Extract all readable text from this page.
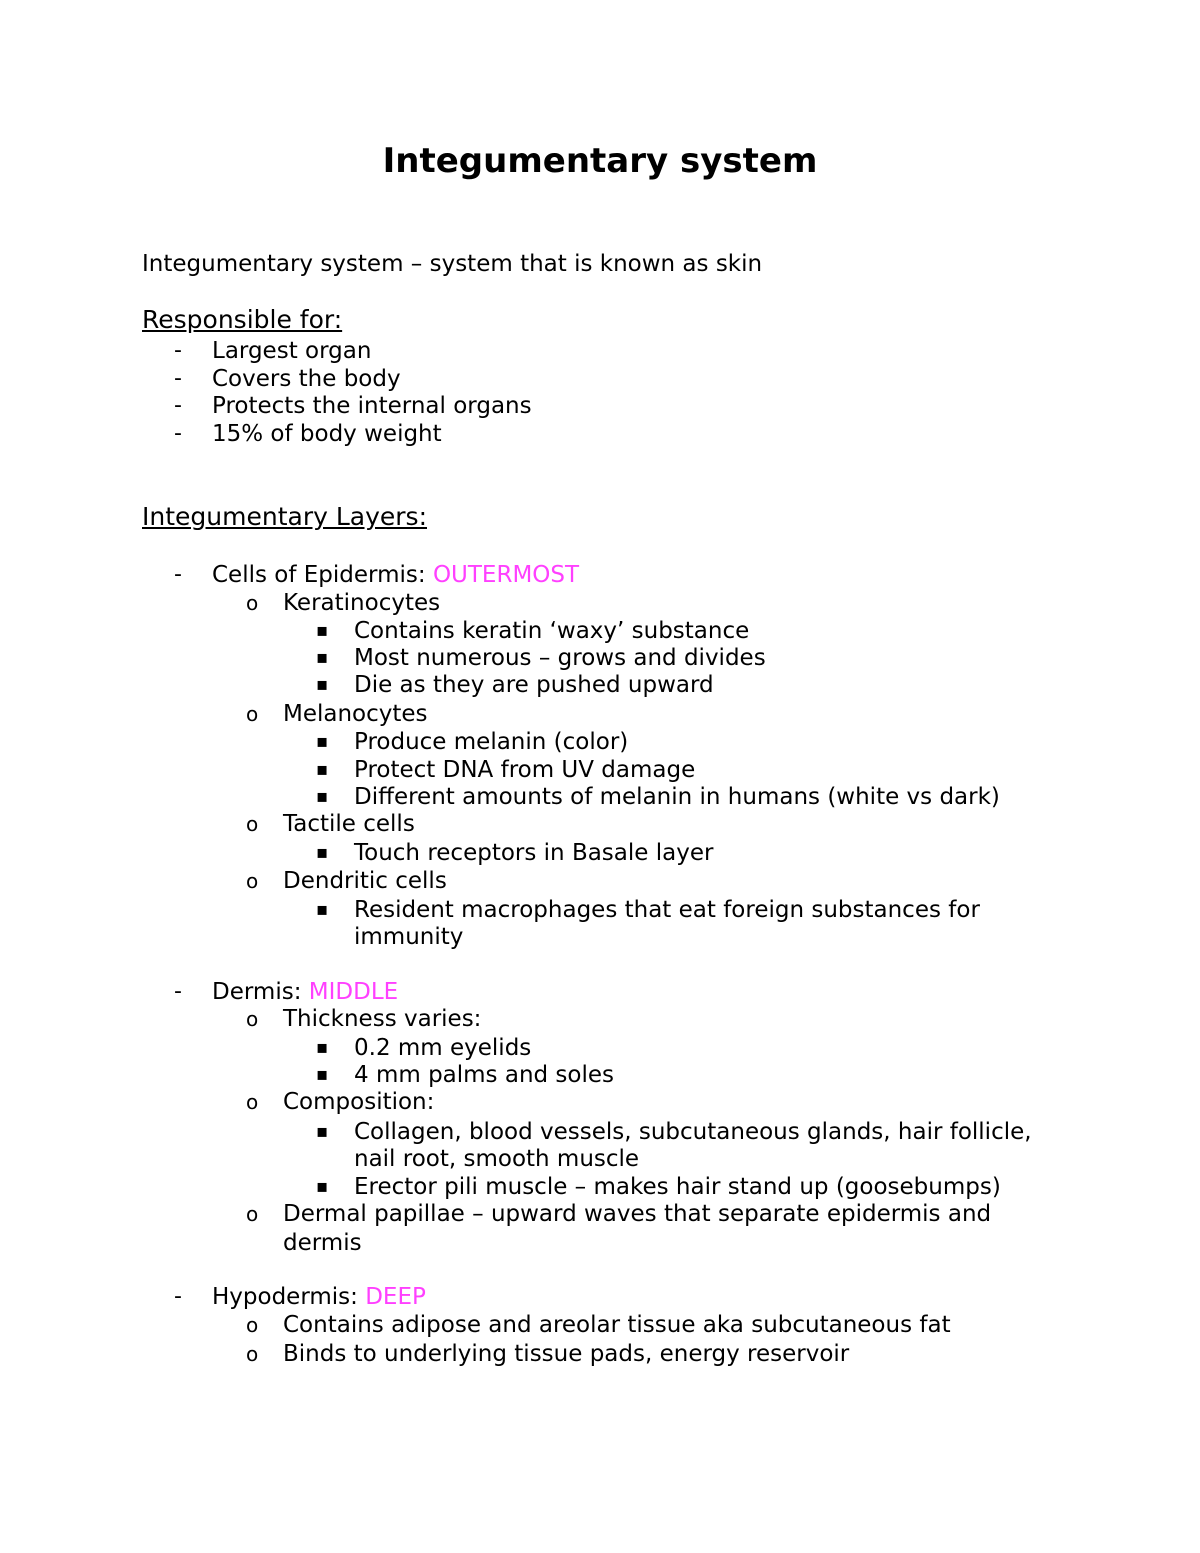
Integumentary system
Integumentary system – system that is known as skin
Responsible for:
- Largest organ
- Covers the body
- Protects the internal organs
- 15% of body weight
Integumentary Layers:
- Cells of Epidermis: OUTERMOST
o Keratinocytes
▪ Contains keratin ‘waxy’ substance
▪ Most numerous – grows and divides
▪ Die as they are pushed upward
o Melanocytes
▪ Produce melanin (color)
▪ Protect DNA from UV damage
▪ Different amounts of melanin in humans (white vs dark)
o Tactile cells
▪ Touch receptors in Basale layer
o Dendritic cells
▪ Resident macrophages that eat foreign substances for
immunity
- Dermis: MIDDLE
o Thickness varies:
▪ 0.2 mm eyelids
▪ 4 mm palms and soles
o Composition:
▪ Collagen, blood vessels, subcutaneous glands, hair follicle,
nail root, smooth muscle
▪ Erector pili muscle – makes hair stand up (goosebumps)
o Dermal papillae – upward waves that separate epidermis and
dermis
- Hypodermis: DEEP
o Contains adipose and areolar tissue aka subcutaneous fat
o Binds to underlying tissue pads, energy reservoir
